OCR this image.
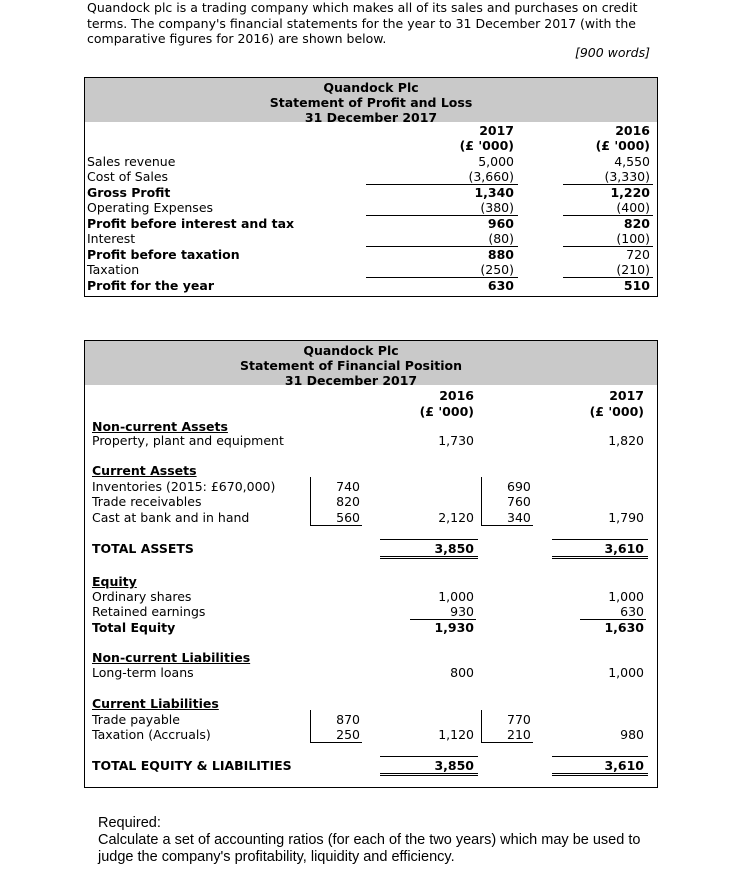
Quandock plc is a trading company which makes all of its sales and purchases on credit
terms. The company's financial statements for the year to 31 December 2017 (with the
comparative figures for 2016) are shown below.
[900 words]
Quandock Plc
Statement of Profit and Loss
31 December 2017
2017
(£ '000)
2016
(£ '000)
Sales revenue	5,000	4,550
Cost of Sales	(3,660)	(3,330)
Gross Profit	1,340	1,220
Operating Expenses	(380)	(400)
Profit before interest and tax	960	820
Interest	(80)	(100)
Profit before taxation	880	720
Taxation	(250)	(210)
Profit for the year	630	510
Quandock Plc
Statement of Financial Position
31 December 2017
2016
(£ '000)
2017
(£ '000)
Non-current Assets
Property, plant and equipment	1,730	1,820
Current Assets
Inventories (2015: £670,000)	740	690
Trade receivables	820	760
Cast at bank and in hand	560	2,120	340	1,790
TOTAL ASSETS	3,850	3,610
Equity
Ordinary shares	1,000	1,000
Retained earnings	930	630
Total Equity	1,930	1,630
Non-current Liabilities
Long-term loans	800	1,000
Current Liabilities
Trade payable	870	770
Taxation (Accruals)	250	1,120	210	980
TOTAL EQUITY & LIABILITIES	3,850	3,610
Required:
Calculate a set of accounting ratios (for each of the two years) which may be used to
judge the company's profitability, liquidity and efficiency.
